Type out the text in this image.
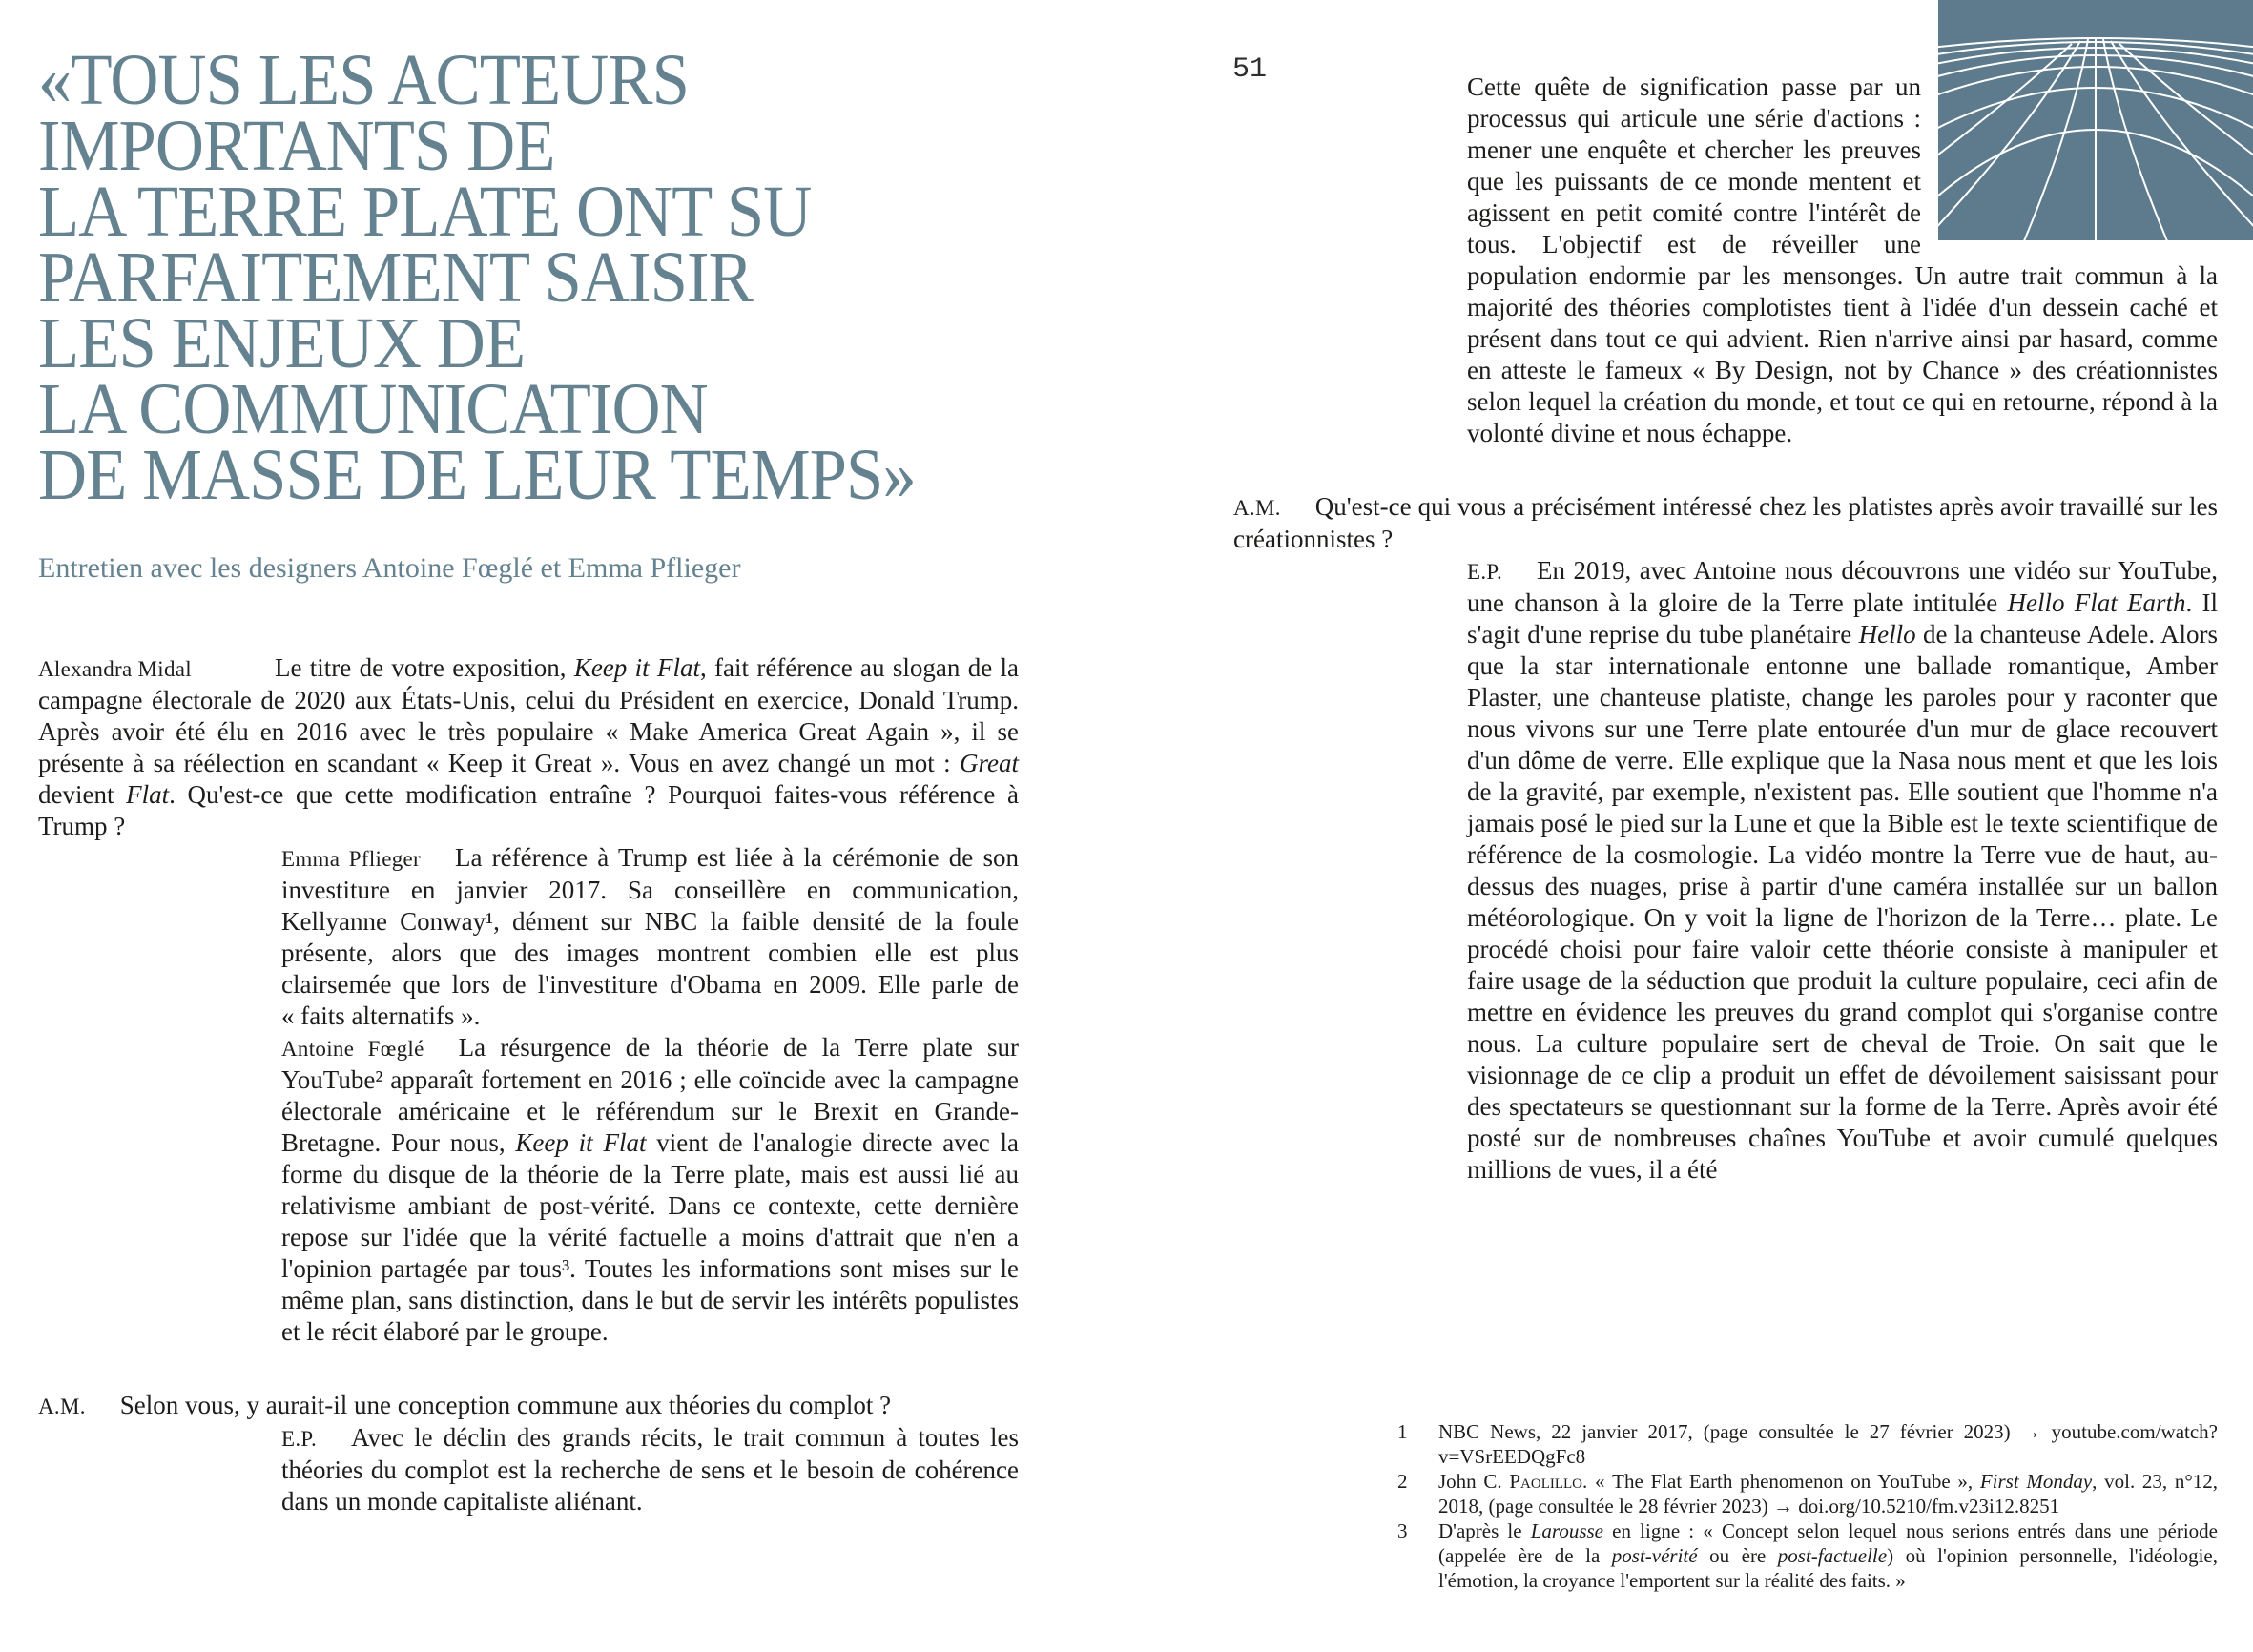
«TOUS LES ACTEURS
IMPORTANTS DE
LA TERRE PLATE ONT SU
PARFAITEMENT SAISIR
LES ENJEUX DE
LA COMMUNICATION
DE MASSE DE LEUR TEMPS»

Entretien avec les designers Antoine Fœglé et Emma Pflieger

Alexandra Midal	Le titre de votre exposition, Keep it Flat, fait référence au slogan de la campagne électorale de 2020 aux États-Unis, celui du Président en exercice, Donald Trump. Après avoir été élu en 2016 avec le très populaire « Make America Great Again », il se présente à sa réélection en scandant « Keep it Great ». Vous en avez changé un mot : Great devient Flat. Qu'est-ce que cette modification entraîne ? Pourquoi faites-vous référence à Trump ?

Emma Pflieger La référence à Trump est liée à la cérémonie de son investiture en janvier 2017. Sa conseillère en communication, Kellyanne Conway¹, dément sur NBC la faible densité de la foule présente, alors que des images montrent combien elle est plus clairsemée que lors de l'investiture d'Obama en 2009. Elle parle de « faits alternatifs ».

Antoine Fœglé La résurgence de la théorie de la Terre plate sur YouTube² apparaît fortement en 2016 ; elle coïncide avec la campagne électorale américaine et le référendum sur le Brexit en Grande-Bretagne. Pour nous, Keep it Flat vient de l'analogie directe avec la forme du disque de la théorie de la Terre plate, mais est aussi lié au relativisme ambiant de post-vérité. Dans ce contexte, cette dernière repose sur l'idée que la vérité factuelle a moins d'attrait que n'en a l'opinion partagée par tous³. Toutes les informations sont mises sur le même plan, sans distinction, dans le but de servir les intérêts populistes et le récit élaboré par le groupe.

A.M. Selon vous, y aurait-il une conception commune aux théories du complot ?

E.P. Avec le déclin des grands récits, le trait commun à toutes les théories du complot est la recherche de sens et le besoin de cohérence dans un monde capitaliste aliénant.

51

Cette quête de signification passe par un processus qui articule une série d'actions : mener une enquête et chercher les preuves que les puissants de ce monde mentent et agissent en petit comité contre l'intérêt de tous. L'objectif est de réveiller une population endormie par les mensonges. Un autre trait commun à la majorité des théories complotistes tient à l'idée d'un dessein caché et présent dans tout ce qui advient. Rien n'arrive ainsi par hasard, comme en atteste le fameux « By Design, not by Chance » des créationnistes selon lequel la création du monde, et tout ce qui en retourne, répond à la volonté divine et nous échappe.

A.M. Qu'est-ce qui vous a précisément intéressé chez les platistes après avoir travaillé sur les créationnistes ?

E.P. En 2019, avec Antoine nous découvrons une vidéo sur YouTube, une chanson à la gloire de la Terre plate intitulée Hello Flat Earth. Il s'agit d'une reprise du tube planétaire Hello de la chanteuse Adele. Alors que la star internationale entonne une ballade romantique, Amber Plaster, une chanteuse platiste, change les paroles pour y raconter que nous vivons sur une Terre plate entourée d'un mur de glace recouvert d'un dôme de verre. Elle explique que la Nasa nous ment et que les lois de la gravité, par exemple, n'existent pas. Elle soutient que l'homme n'a jamais posé le pied sur la Lune et que la Bible est le texte scientifique de référence de la cosmologie. La vidéo montre la Terre vue de haut, au-dessus des nuages, prise à partir d'une caméra installée sur un ballon météorologique. On y voit la ligne de l'horizon de la Terre… plate. Le procédé choisi pour faire valoir cette théorie consiste à manipuler et faire usage de la séduction que produit la culture populaire, ceci afin de mettre en évidence les preuves du grand complot qui s'organise contre nous. La culture populaire sert de cheval de Troie. On sait que le visionnage de ce clip a produit un effet de dévoilement saisissant pour des spectateurs se questionnant sur la forme de la Terre. Après avoir été posté sur de nombreuses chaînes YouTube et avoir cumulé quelques millions de vues, il a été

1	NBC News, 22 janvier 2017, (page consultée le 27 février 2023) → youtube.com/watch?v=VSrEEDQgFc8
2	John C. Paolillo. « The Flat Earth phenomenon on YouTube », First Monday, vol. 23, n°12, 2018, (page consultée le 28 février 2023) → doi.org/10.5210/fm.v23i12.8251
3	D'après le Larousse en ligne : « Concept selon lequel nous serions entrés dans une période (appelée ère de la post-vérité ou ère post-factuelle) où l'opinion personnelle, l'idéologie, l'émotion, la croyance l'emportent sur la réalité des faits. »
